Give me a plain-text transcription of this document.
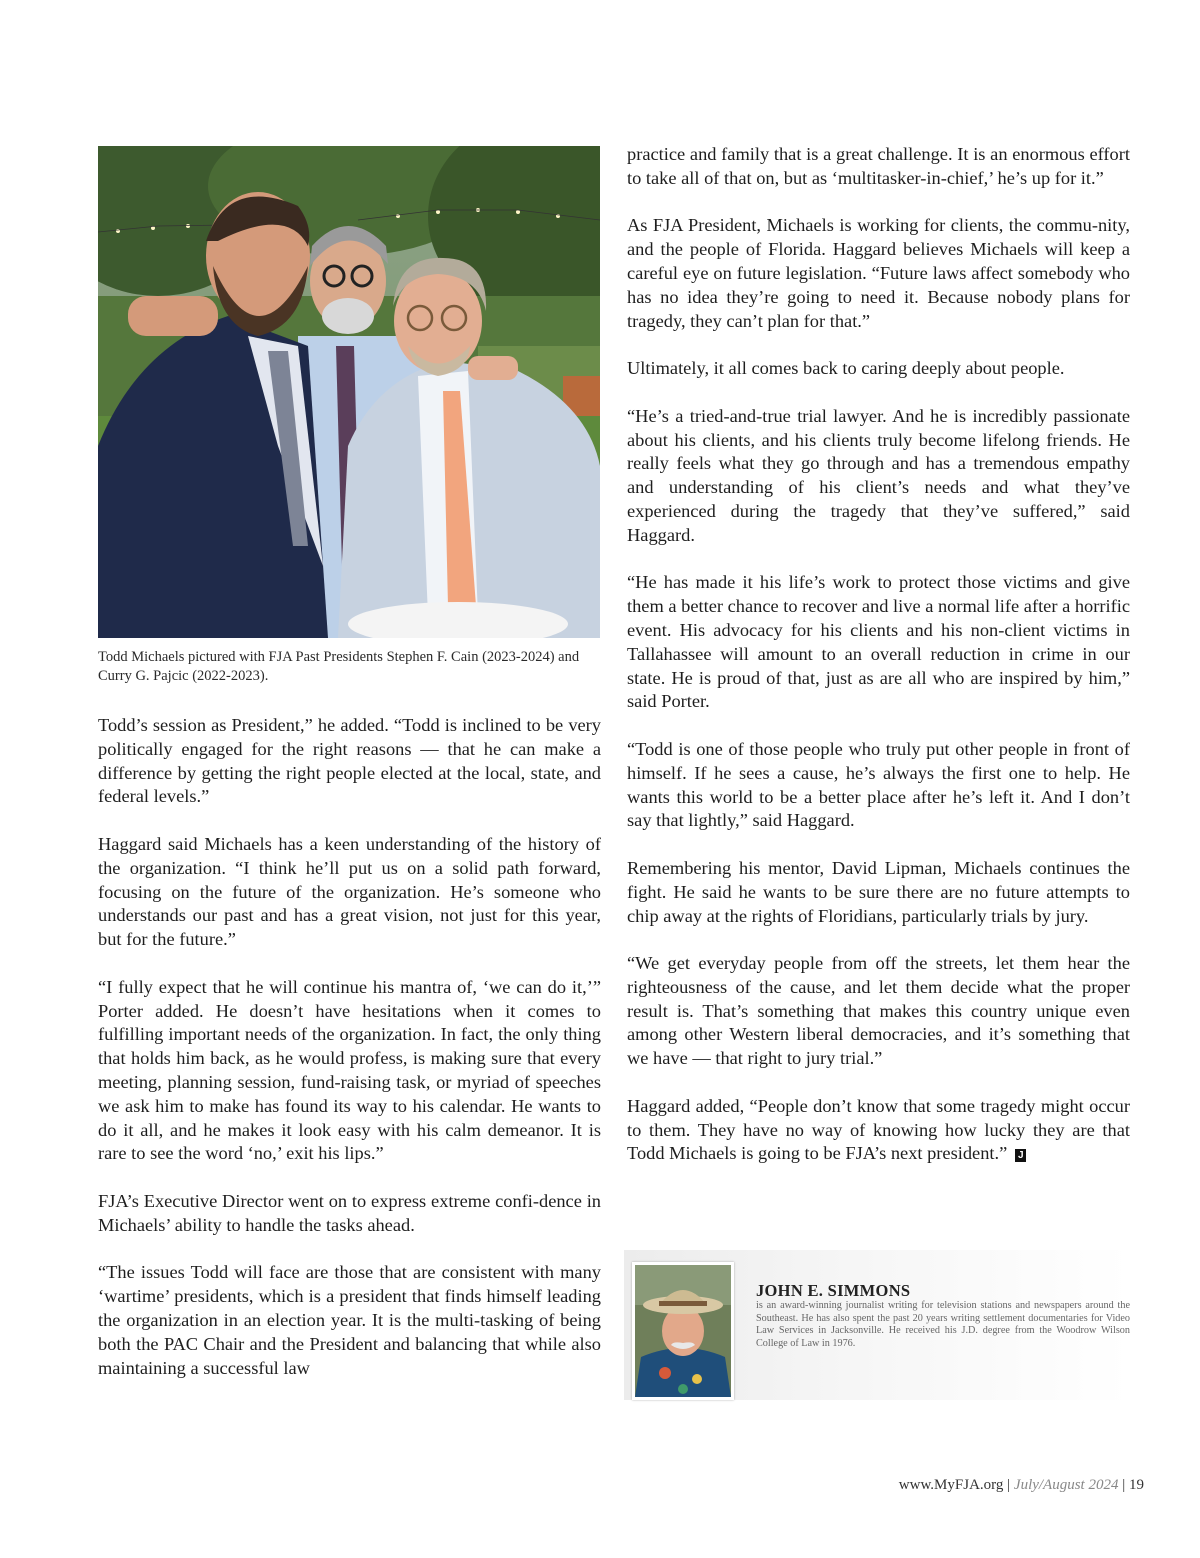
Todd Michaels pictured with FJA Past Presidents Stephen F. Cain (2023-2024) and Curry G. Pajcic (2022-2023).

Todd’s session as President,” he added. “Todd is inclined to be very politically engaged for the right reasons — that he can make a difference by getting the right people elected at the local, state, and federal levels.”

Haggard said Michaels has a keen understanding of the history of the organization. “I think he’ll put us on a solid path forward, focusing on the future of the organization. He’s someone who understands our past and has a great vision, not just for this year, but for the future.”

“I fully expect that he will continue his mantra of, ‘we can do it,’” Porter added. He doesn’t have hesitations when it comes to fulfilling important needs of the organization. In fact, the only thing that holds him back, as he would profess, is making sure that every meeting, planning session, fund-raising task, or myriad of speeches we ask him to make has found its way to his calendar. He wants to do it all, and he makes it look easy with his calm demeanor. It is rare to see the word ‘no,’ exit his lips.”

FJA’s Executive Director went on to express extreme confi-dence in Michaels’ ability to handle the tasks ahead.

“The issues Todd will face are those that are consistent with many ‘wartime’ presidents, which is a president that finds himself leading the organization in an election year. It is the multi-tasking of being both the PAC Chair and the President and balancing that while also maintaining a successful law

practice and family that is a great challenge. It is an enormous effort to take all of that on, but as ‘multitasker-in-chief,’ he’s up for it.”

As FJA President, Michaels is working for clients, the commu-nity, and the people of Florida. Haggard believes Michaels will keep a careful eye on future legislation. “Future laws affect somebody who has no idea they’re going to need it. Because nobody plans for tragedy, they can’t plan for that.”

Ultimately, it all comes back to caring deeply about people.

“He’s a tried-and-true trial lawyer. And he is incredibly passionate about his clients, and his clients truly become lifelong friends. He really feels what they go through and has a tremendous empathy and understanding of his client’s needs and what they’ve experienced during the tragedy that they’ve suffered,” said Haggard.

“He has made it his life’s work to protect those victims and give them a better chance to recover and live a normal life after a horrific event. His advocacy for his clients and his non-client victims in Tallahassee will amount to an overall reduction in crime in our state. He is proud of that, just as are all who are inspired by him,” said Porter.

“Todd is one of those people who truly put other people in front of himself. If he sees a cause, he’s always the first one to help. He wants this world to be a better place after he’s left it. And I don’t say that lightly,” said Haggard.

Remembering his mentor, David Lipman, Michaels continues the fight. He said he wants to be sure there are no future attempts to chip away at the rights of Floridians, particularly trials by jury.

“We get everyday people from off the streets, let them hear the righteousness of the cause, and let them decide what the proper result is. That’s something that makes this country unique even among other Western liberal democracies, and it’s something that we have — that right to jury trial.”

Haggard added, “People don’t know that some tragedy might occur to them. They have no way of knowing how lucky they are that Todd Michaels is going to be FJA’s next president.” J

JOHN E. SIMMONS
is an award-winning journalist writing for television stations and newspapers around the Southeast. He has also spent the past 20 years writing settlement documentaries for Video Law Services in Jacksonville. He received his J.D. degree from the Woodrow Wilson College of Law in 1976.
www.MyFJA.org | July/August 2024 | 19
